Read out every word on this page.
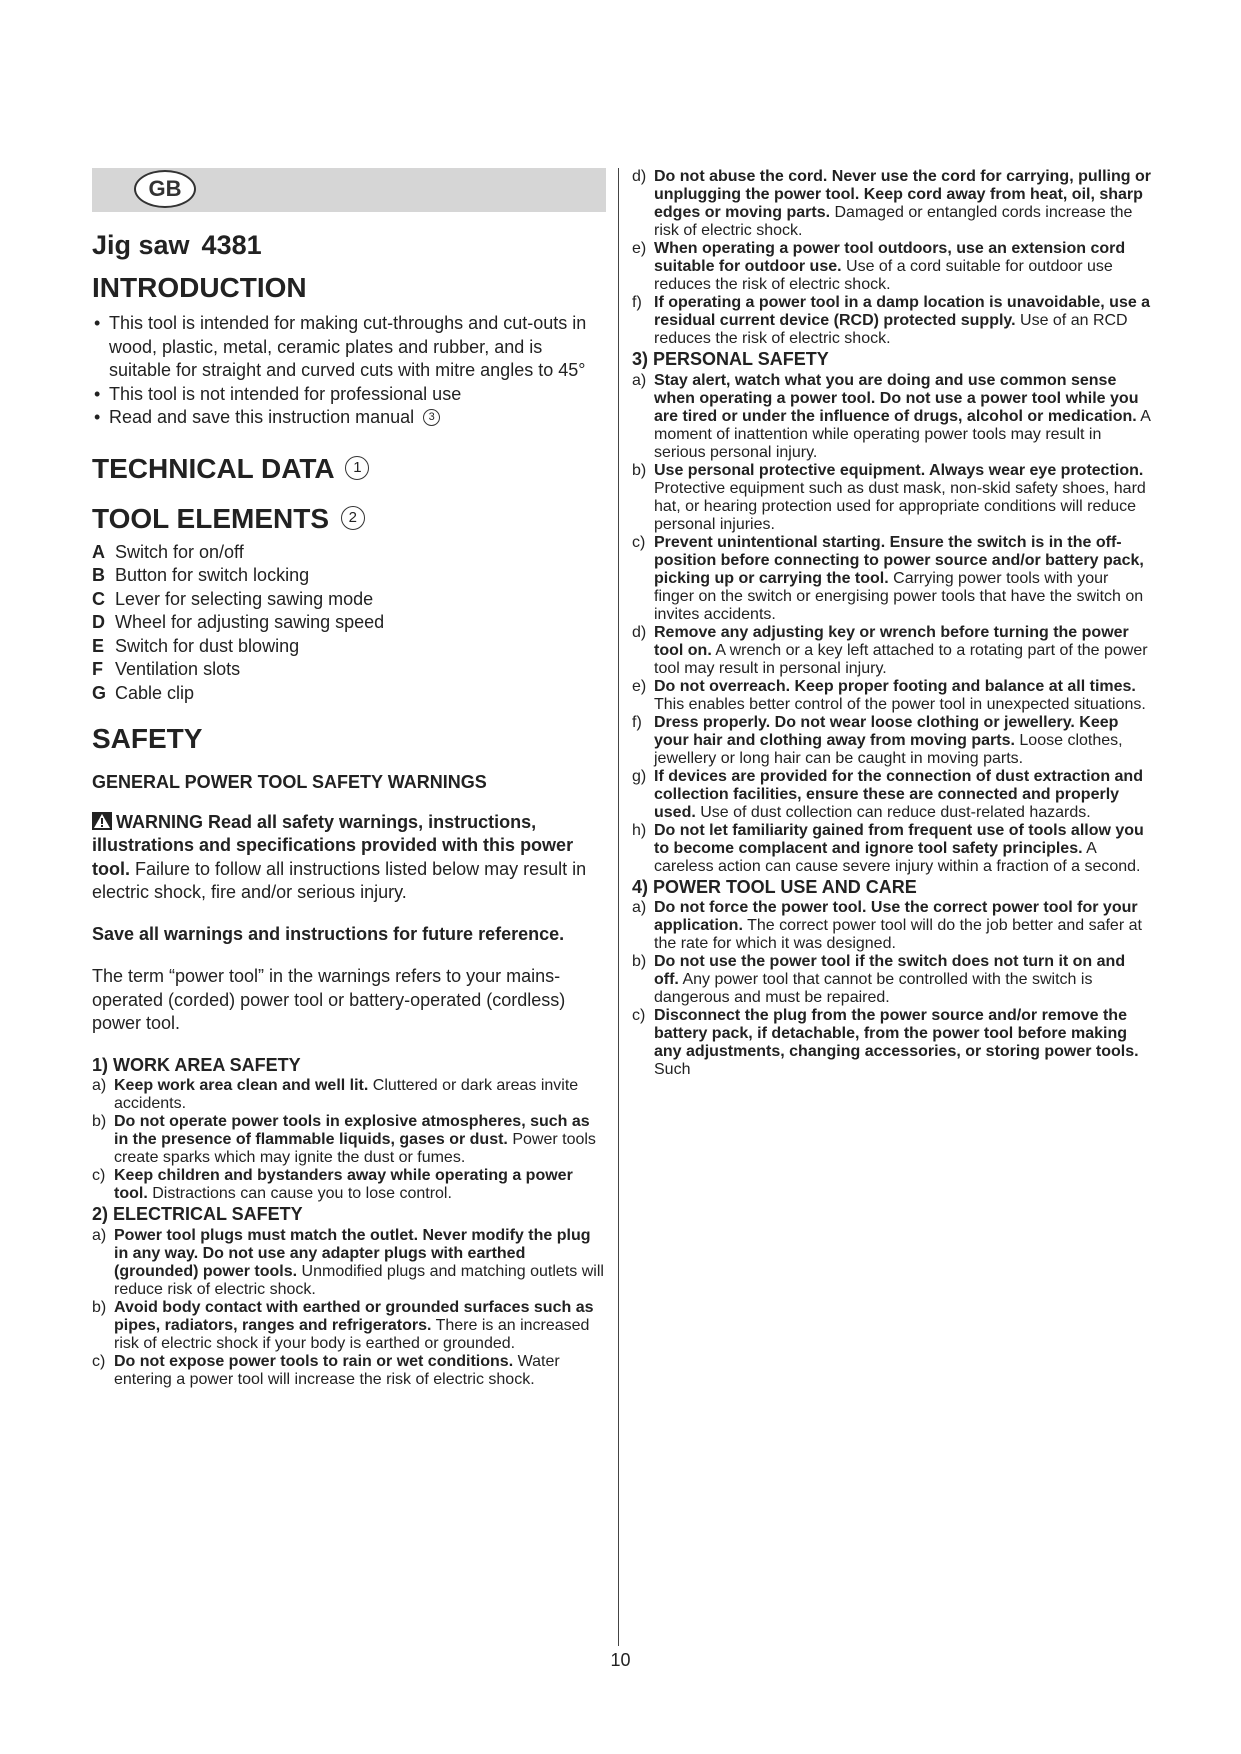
GB
Jig saw 4381
INTRODUCTION
• This tool is intended for making cut-throughs and cut-outs in wood, plastic, metal, ceramic plates and rubber, and is suitable for straight and curved cuts with mitre angles to 45°
• This tool is not intended for professional use
• Read and save this instruction manual 3
TECHNICAL DATA 1
TOOL ELEMENTS 2
A Switch for on/off
B Button for switch locking
C Lever for selecting sawing mode
D Wheel for adjusting sawing speed
E Switch for dust blowing
F Ventilation slots
G Cable clip
SAFETY

GENERAL POWER TOOL SAFETY WARNINGS

WARNING Read all safety warnings, instructions, illustrations and specifications provided with this power tool. Failure to follow all instructions listed below may result in electric shock, fire and/or serious injury.

Save all warnings and instructions for future reference.

The term “power tool” in the warnings refers to your mains-operated (corded) power tool or battery-operated (cordless) power tool.

1) WORK AREA SAFETY

a) Keep work area clean and well lit. Cluttered or dark areas invite accidents.
b) Do not operate power tools in explosive atmospheres, such as in the presence of flammable liquids, gases or dust. Power tools create sparks which may ignite the dust or fumes.
c) Keep children and bystanders away while operating a power tool. Distractions can cause you to lose control.

2) ELECTRICAL SAFETY

a) Power tool plugs must match the outlet. Never modify the plug in any way. Do not use any adapter plugs with earthed (grounded) power tools. Unmodified plugs and matching outlets will reduce risk of electric shock.
b) Avoid body contact with earthed or grounded surfaces such as pipes, radiators, ranges and refrigerators. There is an increased risk of electric shock if your body is earthed or grounded.
c) Do not expose power tools to rain or wet conditions. Water entering a power tool will increase the risk of electric shock.
d) Do not abuse the cord. Never use the cord for carrying, pulling or unplugging the power tool. Keep cord away from heat, oil, sharp edges or moving parts. Damaged or entangled cords increase the risk of electric shock.
e) When operating a power tool outdoors, use an extension cord suitable for outdoor use. Use of a cord suitable for outdoor use reduces the risk of electric shock.
f) If operating a power tool in a damp location is unavoidable, use a residual current device (RCD) protected supply. Use of an RCD reduces the risk of electric shock.

3) PERSONAL SAFETY

a) Stay alert, watch what you are doing and use common sense when operating a power tool. Do not use a power tool while you are tired or under the influence of drugs, alcohol or medication. A moment of inattention while operating power tools may result in serious personal injury.
b) Use personal protective equipment. Always wear eye protection. Protective equipment such as dust mask, non-skid safety shoes, hard hat, or hearing protection used for appropriate conditions will reduce personal injuries.
c) Prevent unintentional starting. Ensure the switch is in the off-position before connecting to power source and/or battery pack, picking up or carrying the tool. Carrying power tools with your finger on the switch or energising power tools that have the switch on invites accidents.
d) Remove any adjusting key or wrench before turning the power tool on. A wrench or a key left attached to a rotating part of the power tool may result in personal injury.
e) Do not overreach. Keep proper footing and balance at all times. This enables better control of the power tool in unexpected situations.
f) Dress properly. Do not wear loose clothing or jewellery. Keep your hair and clothing away from moving parts. Loose clothes, jewellery or long hair can be caught in moving parts.
g) If devices are provided for the connection of dust extraction and collection facilities, ensure these are connected and properly used. Use of dust collection can reduce dust-related hazards.
h) Do not let familiarity gained from frequent use of tools allow you to become complacent and ignore tool safety principles. A careless action can cause severe injury within a fraction of a second.

4) POWER TOOL USE AND CARE

a) Do not force the power tool. Use the correct power tool for your application. The correct power tool will do the job better and safer at the rate for which it was designed.
b) Do not use the power tool if the switch does not turn it on and off. Any power tool that cannot be controlled with the switch is dangerous and must be repaired.
c) Disconnect the plug from the power source and/or remove the battery pack, if detachable, from the power tool before making any adjustments, changing accessories, or storing power tools. Such
10
